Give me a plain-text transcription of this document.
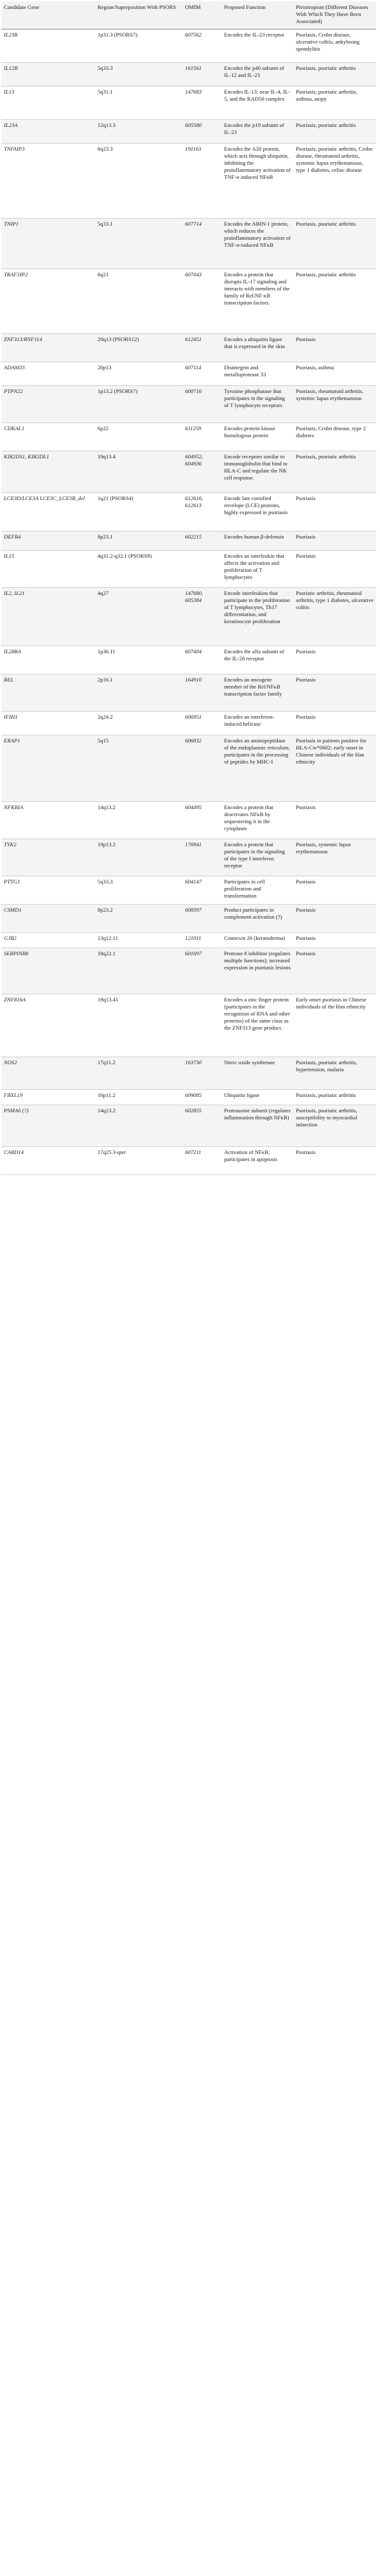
Candidate Gene	Region/Superposition With PSORS	OMIM	Proposed Function	Pleiotropism (Different Diseases With Which They Have Been Associated)
IL23R	1p31.3 (PSORS7)	607562	Encodes the IL-23 receptor	Psoriasis, Crohn disease, ulcerative colitis, ankylosing spondylitis
IL12B	5q33.3	161561	Encodes the p40 subunit of IL-12 and IL-23	Psoriasis, psoriatic arthritis
IL13	5q31.1	147683	Encodes IL-13; near IL-4, IL-5, and the RAD50 complex	Psoriasis, psoriatic arthritis, asthma, atopy
IL23A	12q13.3	605580	Encodes the p19 subunit of IL-23	Psoriasis, psoriatic arthritis
TNFAIP3	6q23.3	191163	Encodes the A20 protein, which acts through ubiquitin, inhibiting the proinflammatory activation of TNF-α induced NFκB	Psoriasis, psoriatic arthritis, Crohn disease, rheumatoid arthritis, systemic lupus erythematosus, type 1 diabetes, celiac disease
TNIP1	5q33.1	607714	Encodes the ABIN-1 protein, which reduces the proinflammatory activation of TNF-α-induced NFκB	Psoriasis, psoriatic arthritis
TRAF3IP2	6q21	607043	Encodes a protein that disrupts IL-17 signaling and interacts with members of the family of Rel/NF-κB transcription factors.	Psoriasis, psoriatic arthritis
ZNF313/RNF114	20q13 (PSORS12)	612451	Encodes a ubiquitin ligase that is expressed in the skin	Psoriasis
ADAM33	20p13	607114	Disintegrin and metalloprotease 33	Psoriasis, asthma
PTPN22	1p13.2 (PSORS7)	600716	Tyrosine phosphatase that participates in the signaling of T lymphocyte receptors	Psoriasis, rheumatoid arthritis, systemic lupus erythematosus
CDKAL1	6p22	611259	Encodes protein kinase homologous protein	Psoriasis, Crohn disease, type 2 diabetes
KIR2DS1, KIR2DL1	19q13.4	604952, 604936	Encode receptors similar to immunoglobulin that bind to HLA-C and regulate the NK cell response.	Psoriasis, psoriatic arthritis
LCE3D/LCE3A LCE3C_LCE3B_del	1q21 (PSORS4)	612616, 612613	Encode late cornified envelope (LCE) proteins, highly expressed in psoriasis	Psoriasis
DEFB4	8p23.1	602215	Encodes human β-defensin	Psoriasis
IL15	4q31.2-q32.1 (PSORS9)		Encodes an interleukin that affects the activation and proliferation of T lymphocytes	Psoriasis
IL2, IL21	4q27	147680, 605384	Encode interleukins that participate in the proliferation of T lymphocytes, Th17 differentiation, and keratinocyte proliferation	Psoriatic arthritis, rheumatoid arthritis, type 1 diabetes, ulcerative colitis
IL28RA	1p36.11	607404	Encodes the alfa subunit of the IL-28 receptor	Psoriasis
REL	2p16.1	164910	Encodes an oncogene member of the Rel/NFκB transcription factor family	Psoriasis
IFIH1	2q24.2	606951	Encodes an interferon-induced helicase	Psoriasis
ERAP1	5q15	606832	Encodes an aminopeptidase of the endoplasmic reticulum, participates in the processing of peptides by MHC-I	Psoriasis in patients positive for HLA-Cw*0602; early onset in Chinese individuals of the Han ethnicity
NFKBIA	14q13.2	604495	Encodes a protein that deactivates NFκB by sequestering it in the cytoplasm	Psoriasis
TYK2	19p13.2	176941	Encodes a protein that participates in the signaling of the type I interferon receptor	Psoriasis, systemic lupus erythematosus
PTTG1	5q33.3	604147	Participates in cell proliferation and transformation	Psoriasis
CSMD1	8p23.2	608397	Product participates in complement activation (?)	Psoriasis
GJB2	13q12.11	121011	Connexin 26 (keratoderma)	Psoriasis
SERPINB8	18q22.1	601697	Protease 8 inhibitor (regulates multiple functions); increased expression in psoriasis lesions	Psoriasis
ZNF816A	19q13.41		Encodes a zinc finger protein (participates in the recognition of RNA and other proteins) of the same class as the ZNF313 gene product.	Early onset psoriasis in Chinese individuals of the Han ethnicity
NOS2	17q11.2	163730	Nitric oxide synthetase	Psoriasis, psoriatic arthritis, hypertension, malaria
FBXL19	16p11.2	609085	Ubiquitin ligase	Psoriasis, psoriatic arthritis
PSMA6 (?)	14q13.2	602855	Proteasome subunit (regulates inflammation through NFκB)	Psoriasis, psoriatic arthritis, susceptibility to myocardial infarction
CARD14	17q25.3-qter	607211	Activation of NFκB; participates in apoptosis	Psoriasis
